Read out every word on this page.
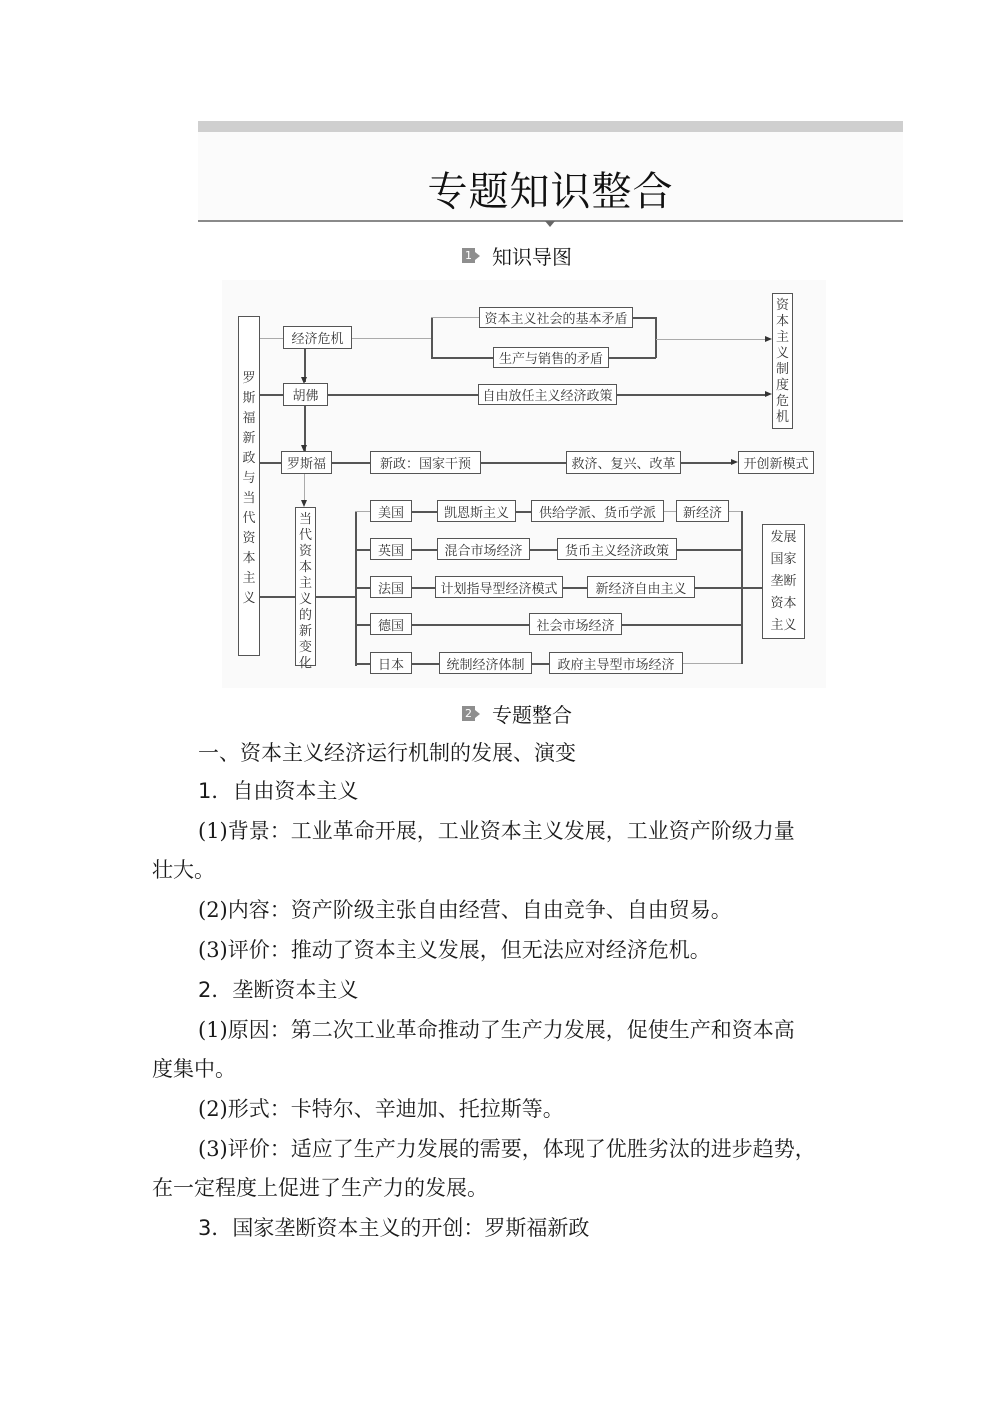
专题知识整合
1 知识导图
罗斯福新政与当代资本主义
经济危机
资本主义社会的基本矛盾
生产与销售的矛盾
资本主义制度危机
胡佛	自由放任主义经济政策
罗斯福	新政：国家干预	救济、复兴、改革	开创新模式
当代资本主义的新变化
美国	凯恩斯主义 供给学派、货币学派 新经济
英国	混合市场经济	货币主义经济政策
法国	计划指导型经济模式	新经济自由主义
德国	社会市场经济
日本	统制经济体制	政府主导型市场经济
发展国家垄断资本主义
2 专题整合
一、资本主义经济运行机制的发展、演变
1．自由资本主义
(1)背景：工业革命开展，工业资本主义发展，工业资产阶级力量
壮大。
(2)内容：资产阶级主张自由经营、自由竞争、自由贸易。
(3)评价：推动了资本主义发展，但无法应对经济危机。
2．垄断资本主义
(1)原因：第二次工业革命推动了生产力发展，促使生产和资本高
度集中。
(2)形式：卡特尔、辛迪加、托拉斯等。
(3)评价：适应了生产力发展的需要，体现了优胜劣汰的进步趋势，
在一定程度上促进了生产力的发展。
3．国家垄断资本主义的开创：罗斯福新政
